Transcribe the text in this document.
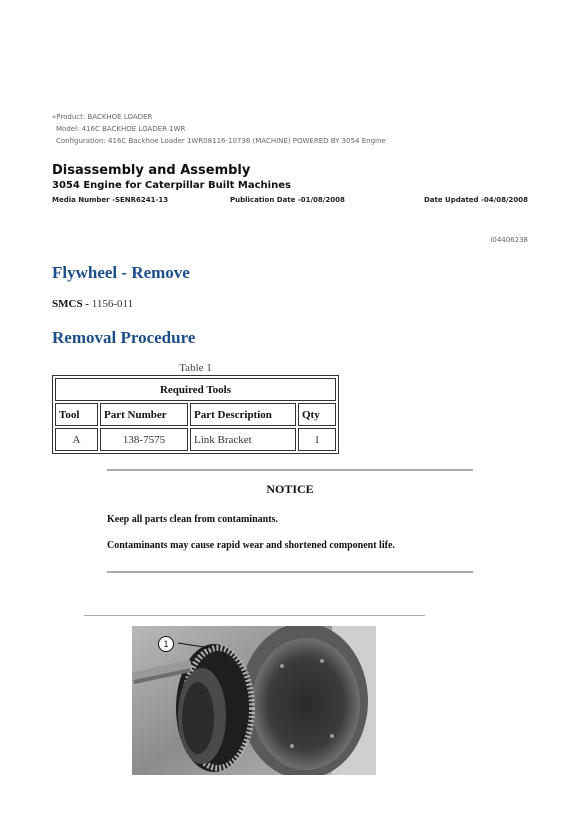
«Product: BACKHOE LOADER
Model: 416C BACKHOE LOADER 1WR
Configuration: 416C Backhoe Loader 1WR08116-10736 (MACHINE) POWERED BY 3054 Engine
Disassembly and Assembly
3054 Engine for Caterpillar Built Machines
Media Number -SENR6241-13	Publication Date -01/08/2008	Date Updated -04/08/2008
i04406238
Flywheel - Remove
SMCS - 1156-011
Removal Procedure
Table 1
Required Tools			
Tool	Part Number	Part Description	Qty
A	138-7575	Link Bracket	1
NOTICE
Keep all parts clean from contaminants.
Contaminants may cause rapid wear and shortened component life.
1
